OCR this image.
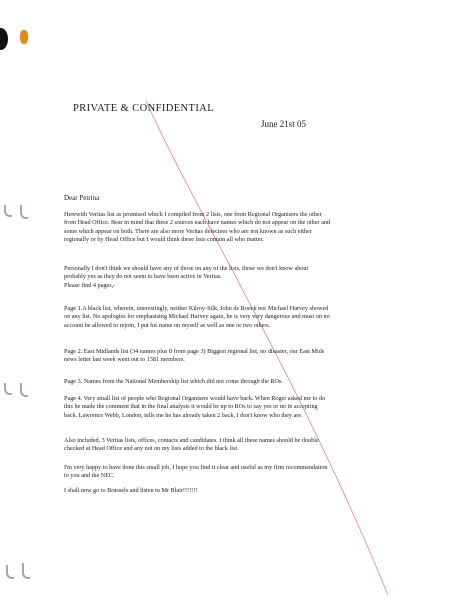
PRIVATE & CONFIDENTIAL
June 21st 05
Dear Petrina
Herewith Veritas list as promised which I compiled from 2 lists, one from Regional Organisers the other
from Head Office. Bear in mind that these 2 sources each have names which do not appear on the other and
some which appear on both. There are also more Veritas defectees who are not known as such either
regionally or by Head Office but I would think these lists contain all who matter.
Personally I don't think we should have any of those on any of the lists, those we don't know about
probably yes as they do not seem to have been active in Veritas.
Please find 4 pages,-
Page 1.A black list, wherein, interestingly, neither Kilroy-Silk, John de Roeck nor Michael Harvey showed
on any list. No apologies for emphasising Michael Harvey again, he is very very dangerous and must on no
account be allowed to rejoin, I put his name on myself as well as one or two others.
Page 2. East Midlands list (34 names plus 8 from page 3) Biggest regional list, no disaster, our East Mids
news letter last week went out to 1381 members.
Page 3. Names from the National Membership list which did not come through the ROs.
Page 4. Very small list of people who Regional Organisers would have back. When Roger asked me to do
this he made the comment that in the final analysis it would be up to ROs to say yes or no in accepting
back. Lawrence Webb, London, tells me he has already taken 2 back, I don't know who they are.
Also included, 3 Veritas lists, offices, contacts and candidates. I think all these names should be double
checked at Head Office and any not on my lists added to the black list.
I'm very happy to have done this small job, I hope you find it clear and useful as my firm recommendation
to you and the NEC.
I shall now go to Brussels and listen to Mr Blair!!!!!!!
